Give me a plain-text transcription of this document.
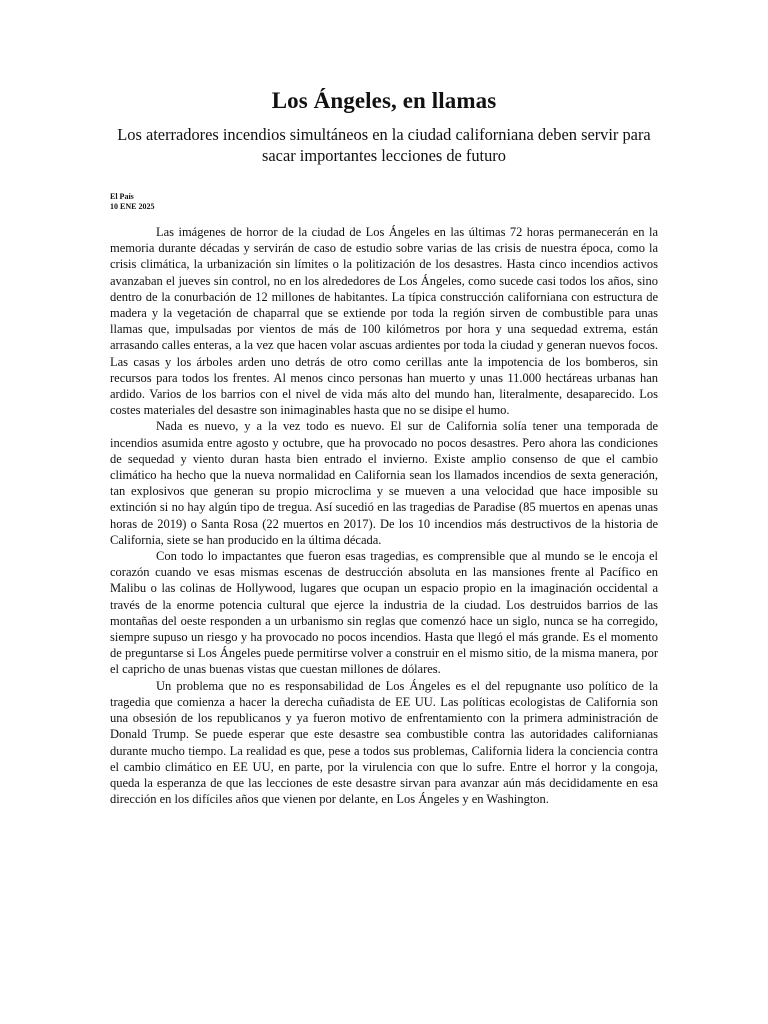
Los Ángeles, en llamas
Los aterradores incendios simultáneos en la ciudad californiana deben servir para sacar importantes lecciones de futuro
El País
10 ENE 2025

Las imágenes de horror de la ciudad de Los Ángeles en las últimas 72 horas permanecerán en la memoria durante décadas y servirán de caso de estudio sobre varias de las crisis de nuestra época, como la crisis climática, la urbanización sin límites o la politización de los desastres. Hasta cinco incendios activos avanzaban el jueves sin control, no en los alrededores de Los Ángeles, como sucede casi todos los años, sino dentro de la conurbación de 12 millones de habitantes. La típica construcción californiana con estructura de madera y la vegetación de chaparral que se extiende por toda la región sirven de combustible para unas llamas que, impulsadas por vientos de más de 100 kilómetros por hora y una sequedad extrema, están arrasando calles enteras, a la vez que hacen volar ascuas ardientes por toda la ciudad y generan nuevos focos. Las casas y los árboles arden uno detrás de otro como cerillas ante la impotencia de los bomberos, sin recursos para todos los frentes. Al menos cinco personas han muerto y unas 11.000 hectáreas urbanas han ardido. Varios de los barrios con el nivel de vida más alto del mundo han, literalmente, desaparecido. Los costes materiales del desastre son inimaginables hasta que no se disipe el humo.

Nada es nuevo, y a la vez todo es nuevo. El sur de California solía tener una temporada de incendios asumida entre agosto y octubre, que ha provocado no pocos desastres. Pero ahora las condiciones de sequedad y viento duran hasta bien entrado el invierno. Existe amplio consenso de que el cambio climático ha hecho que la nueva normalidad en California sean los llamados incendios de sexta generación, tan explosivos que generan su propio microclima y se mueven a una velocidad que hace imposible su extinción si no hay algún tipo de tregua. Así sucedió en las tragedias de Paradise (85 muertos en apenas unas horas de 2019) o Santa Rosa (22 muertos en 2017). De los 10 incendios más destructivos de la historia de California, siete se han producido en la última década.

Con todo lo impactantes que fueron esas tragedias, es comprensible que al mundo se le encoja el corazón cuando ve esas mismas escenas de destrucción absoluta en las mansiones frente al Pacífico en Malibu o las colinas de Hollywood, lugares que ocupan un espacio propio en la imaginación occidental a través de la enorme potencia cultural que ejerce la industria de la ciudad. Los destruidos barrios de las montañas del oeste responden a un urbanismo sin reglas que comenzó hace un siglo, nunca se ha corregido, siempre supuso un riesgo y ha provocado no pocos incendios. Hasta que llegó el más grande. Es el momento de preguntarse si Los Ángeles puede permitirse volver a construir en el mismo sitio, de la misma manera, por el capricho de unas buenas vistas que cuestan millones de dólares.

Un problema que no es responsabilidad de Los Ángeles es el del repugnante uso político de la tragedia que comienza a hacer la derecha cuñadista de EE UU. Las políticas ecologistas de California son una obsesión de los republicanos y ya fueron motivo de enfrentamiento con la primera administración de Donald Trump. Se puede esperar que este desastre sea combustible contra las autoridades californianas durante mucho tiempo. La realidad es que, pese a todos sus problemas, California lidera la conciencia contra el cambio climático en EE UU, en parte, por la virulencia con que lo sufre. Entre el horror y la congoja, queda la esperanza de que las lecciones de este desastre sirvan para avanzar aún más decididamente en esa dirección en los difíciles años que vienen por delante, en Los Ángeles y en Washington.
